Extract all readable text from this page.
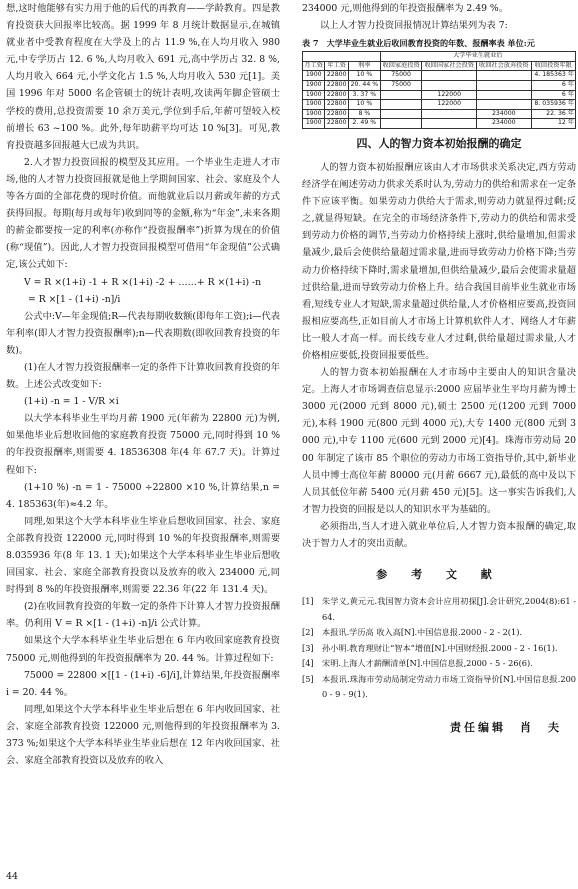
想,这时他能够有实力用于他的后代的再教育——学龄教育。四是教育投资获大回报率比较高。据 1999 年 8 月统计数据显示,在城镇就业者中受教育程度在大学及上的占 11.9 %,在人均月收入 980 元,中专学历占 12. 6 %,人均月收入 691 元,高中学历占 32. 8 %,人均月收入 664 元,小学文化占 1.5 %,人均月收入 530 元[1]。美国 1996 年对 5000 名企管硕士的统计表明,攻读两年脚企管硕士学校的费用,总投资需要 10 余万美元,学位到手后,年薪可望较入校前增长 63 ~100 %。此外,每年助薪平均可达 10 %[3]。可见,教育投资越多回报越大已成为共识。

2.人才智力投资回报的模型及其应用。一个毕业生走进人才市场,他的人才智力投资回报就是他上学期间国家、社会、家庭及个人等各方面的全部花费的现时价值。而他就业后以月薪或年薪的方式获得回报。每期(每月或每年)收到同等的金额,称为“年金”,未来各期的薪金都要按一定的利率(亦称作“投资报酬率”)折算为现在的价值(称“现值”)。因此,人才智力投资回报模型可借用“年金现值”公式确定,该公式如下:

V = R ×(1+i) -1 + R ×(1+i) -2 + ……+ R ×(1+i) -n

= R ×[1 - (1+i) -n]/i

公式中:V—年金现值;R—代表每期收数额(即每年工资);i—代表年利率(即人才智力投资报酬率);n—代表期数(即收回教育投资的年数)。

(1)在人才智力投资报酬率一定的条件下计算收回教育投资的年数。上述公式改变如下:

(1+i) -n = 1 - V/R ×i

以大学本科毕业生平均月薪 1900 元(年薪为 22800 元)为例,如果他毕业后想收回他的家庭教育投资 75000 元,同时得到 10 %的年投资报酬率,则需要 4. 18536308 年(4 年 67.7 天)。计算过程如下:

(1+10 %) -n = 1 - 75000 ÷22800 ×10 %,计算结果,n = 4. 185363(年)≈4.2 年。

同理,如果这个大学本科毕业生毕业后想收回国家、社会、家庭全部教育投资 122000 元,同时得到 10 %的年投资报酬率,则需要 8.035936 年(8 年 13. 1 天);如果这个大学本科毕业生毕业后想收回国家、社会、家庭全部教育投资以及放弃的收入 234000 元,同时得到 8 %的年投资报酬率,则需要 22.36 年(22 年 131.4 天)。

(2)在收回教育投资的年数一定的条件下计算人才智力投资报酬率。仍利用 V = R ×[1 - (1+i) -n]/i 公式计算。

如果这个大学本科毕业生毕业后想在 6 年内收回家庭教育投资 75000 元,则他得到的年投资报酬率为 20. 44 %。计算过程如下:

75000 = 22800 ×[[1 - (1+i) -6]/i],计算结果,年投资报酬率 i = 20. 44 %。

同理,如果这个大学本科毕业生毕业后想在 6 年内收回国家、社会、家庭全部教育投资 122000 元,则他得到的年投资报酬率为 3. 373 %;如果这个大学本科毕业生毕业后想在 12 年内收回国家、社会、家庭全部教育投资以及放弃的收入

234000 元,则他得到的年投资报酬率为 2.49 %。

以上人才智力投资回报情况计算结果列为表 7:

表 7　大学毕业生就业后收回教育投资的年数、报酬率表 单位:元
			大学毕业生就业后			
月工资	年工资	利率	收回家庭投资	收回国家社会投资	收回社会放弃投资	收回投资年限
1900	22800	10 %	75000			4. 185363 年
1900	22800	20. 44 %	75000			6 年
1900	22800	3. 37 %		122000		6 年
1900	22800	10 %		122000		8. 035936 年
1900	22800	8 %			234000	22. 36 年
1900	22800	2. 49 %			234000	12 年
四、人的智力资本初始报酬的确定

人的智力资本初始报酬应该由人才市场供求关系决定,西方劳动经济学在阐述劳动力供求关系时认为,劳动力的供给和需求在一定条件下应该平衡。如果劳动力供给大于需求,则劳动力就显得过剩;反之,就显得短缺。在完全的市场经济条件下,劳动力的供给和需求受到劳动力价格的调节,当劳动力价格持续上涨时,供给量增加,但需求量减少,最后会使供给量超过需求量,进而导致劳动力价格下降;当劳动力价格持续下降时,需求量增加,但供给量减少,最后会使需求量超过供给量,进而导致劳动力价格上升。结合我国目前毕业生就业市场看,短线专业人才短缺,需求量超过供给量,人才价格相应要高,投资回报相应要高些,正如目前人才市场上计算机软件人才、网络人才年薪比一般人才高一样。而长线专业人才过剩,供给量超过需求量,人才价格相应要低,投资回报要低些。

人的智力资本初始报酬在人才市场中主要由人的知识含量决定。上海人才市场调查信息显示:2000 应届毕业生平均月薪为博士 3000 元(2000 元到 8000 元),硕士 2500 元(1200 元到 7000 元),本科 1900 元(800 元到 4000 元),大专 1400 元(800 元到 3000 元),中专 1100 元(600 元到 2000 元)[4]。珠海市劳动局 2000 年制定了该市 85 个职位的劳动力市场工资指导价,其中,新毕业人员中博士高位年薪 80000 元(月薪 6667 元),最低的高中及以下人员其低位年薪 5400 元(月薪 450 元)[5]。这一事实告诉我们,人才智力投资的回报是以人的知识水平为基础的。

必须指出,当人才进入就业单位后,人才智力资本报酬的确定,取决于智力人才的突出贡献。

参 考 文 献
[1]	朱学义,黄元元.我国智力资本会计应用初探[J].会计研究,2004(8):61 - 64.
[2]	本报讯.学历高 收入高[N].中国信息报.2000 - 2 - 2(1).
[3]	孙小明.教育理财让“智本”增值[N].中国财经报.2000 - 2 - 16(1).
[4]	宋明.上海人才薪酬清单[N].中国信息报,2000 - 5 - 26(6).
[5]	本报讯.珠海市劳动局制定劳动力市场工资指导价[N].中国信息报.2000 - 9 - 9(1).
责任编辑　肖　夫
44
